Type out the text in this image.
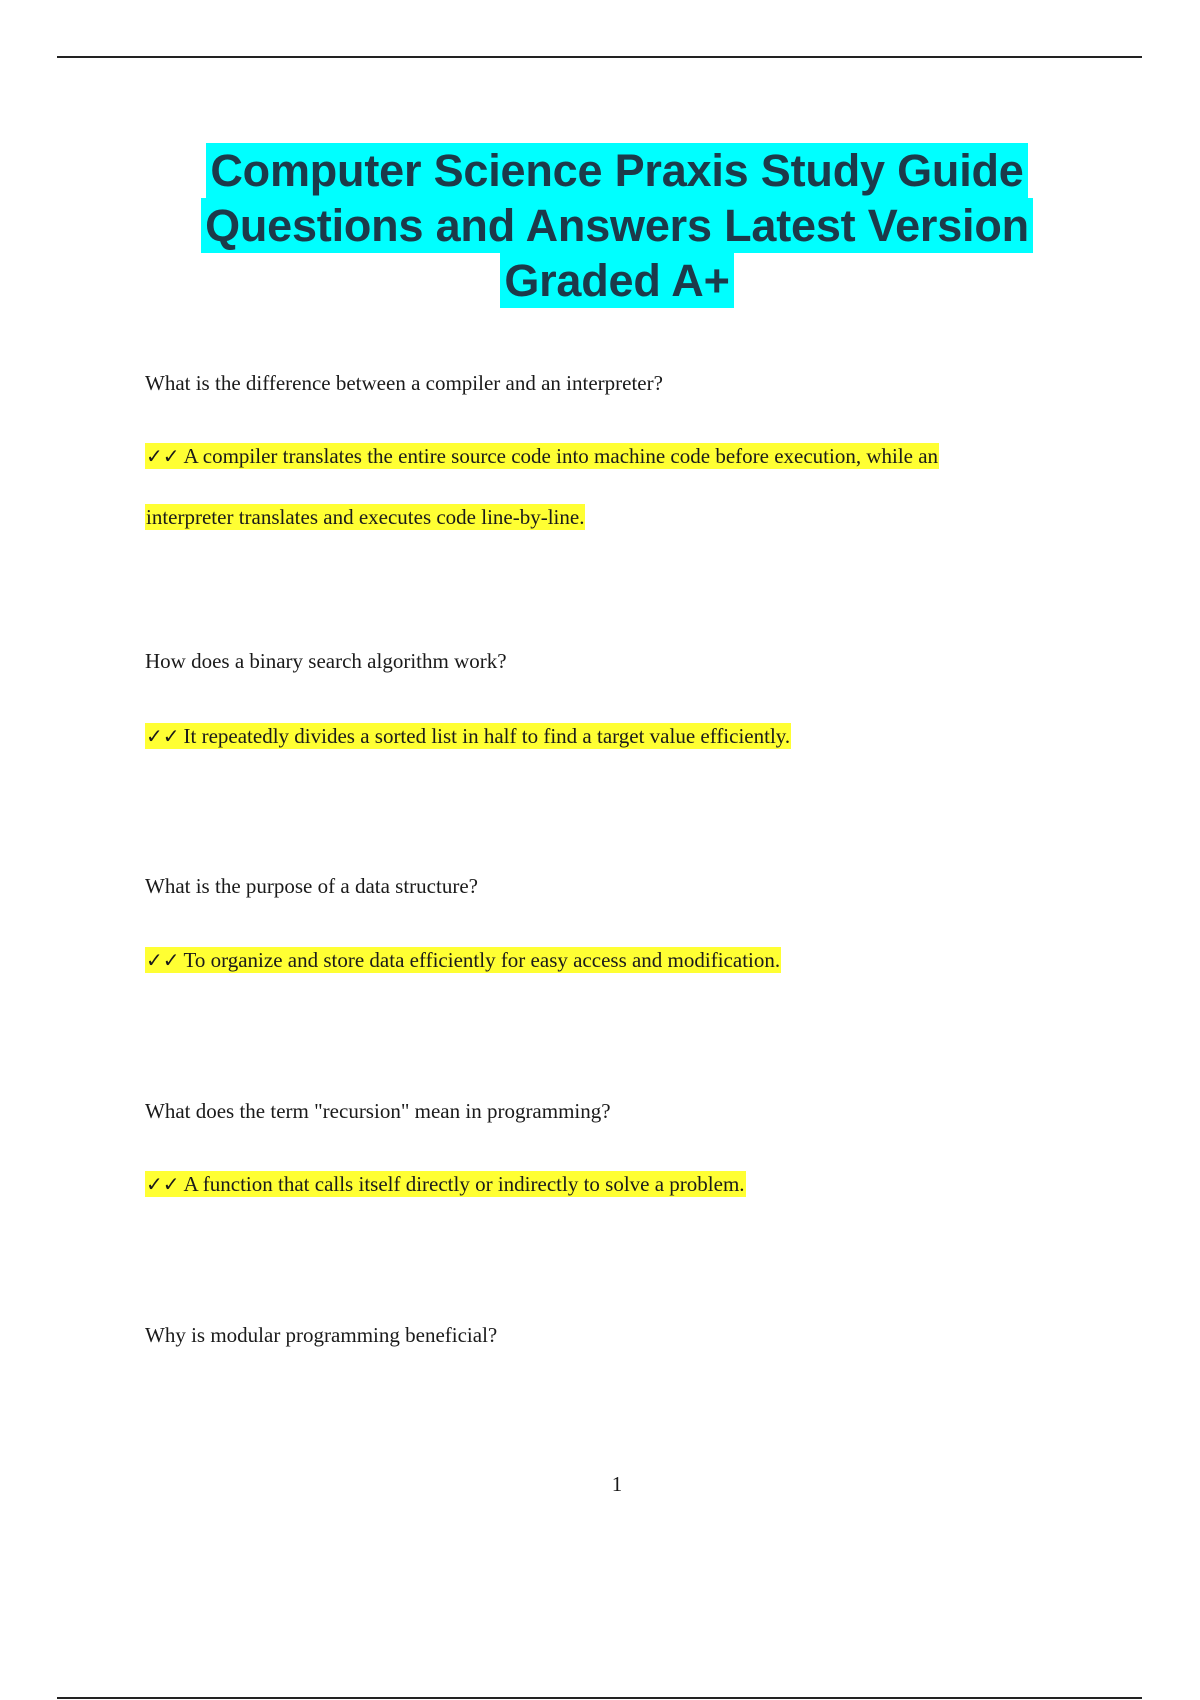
Computer Science Praxis Study Guide
Questions and Answers Latest Version
Graded A+
What is the difference between a compiler and an interpreter?
✓✓ A compiler translates the entire source code into machine code before execution, while an
interpreter translates and executes code line-by-line.
How does a binary search algorithm work?
✓✓ It repeatedly divides a sorted list in half to find a target value efficiently.
What is the purpose of a data structure?
✓✓ To organize and store data efficiently for easy access and modification.
What does the term "recursion" mean in programming?
✓✓ A function that calls itself directly or indirectly to solve a problem.
Why is modular programming beneficial?
1
